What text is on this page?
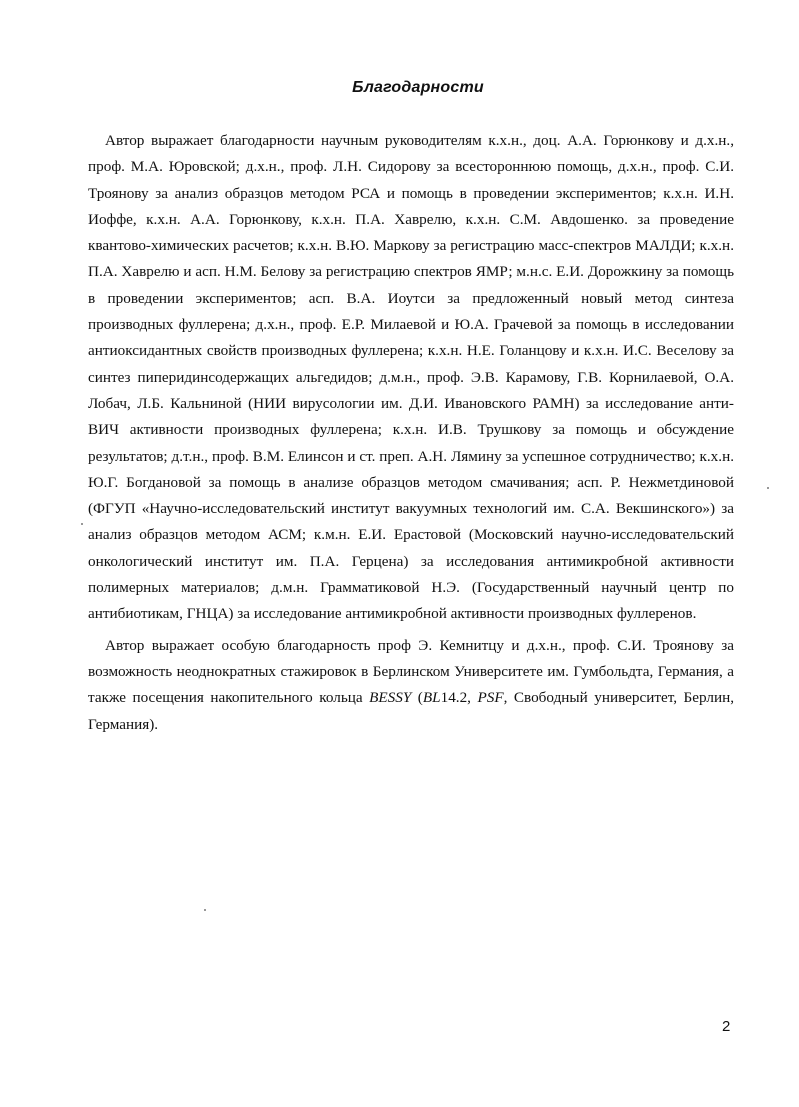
Благодарности

Автор выражает благодарности научным руководителям к.х.н., доц. А.А. Горюнкову и д.х.н., проф. М.А. Юровской; д.х.н., проф. Л.Н. Сидорову за всестороннюю помощь, д.х.н., проф. С.И. Троянову за анализ образцов методом РСА и помощь в проведении экспериментов; к.х.н. И.Н. Иоффе, к.х.н. А.А. Горюнкову, к.х.н. П.А. Хаврелю, к.х.н. С.М. Авдошенко. за проведение квантово-химических расчетов; к.х.н. В.Ю. Маркову за регистрацию масс-спектров МАЛДИ; к.х.н. П.А. Хаврелю и асп. Н.М. Белову за регистрацию спектров ЯМР; м.н.с. Е.И. Дорожкину за помощь в проведении экспериментов; асп. В.А. Иоутси за предложенный новый метод синтеза производных фуллерена; д.х.н., проф. Е.Р. Милаевой и Ю.А. Грачевой за помощь в исследовании антиоксидантных свойств производных фуллерена; к.х.н. Н.Е. Голанцову и к.х.н. И.С. Веселову за синтез пиперидинсодержащих альгедидов; д.м.н., проф. Э.В. Карамову, Г.В. Корнилаевой, О.А. Лобач, Л.Б. Кальниной (НИИ вирусологии им. Д.И. Ивановского РАМН) за исследование анти-ВИЧ активности производных фуллерена; к.х.н. И.В. Трушкову за помощь и обсуждение результатов; д.т.н., проф. В.М. Елинсон и ст. преп. А.Н. Лямину за успешное сотрудничество; к.х.н. Ю.Г. Богдановой за помощь в анализе образцов методом смачивания; асп. Р. Нежметдиновой (ФГУП «Научно-исследовательский институт вакуумных технологий им. С.А. Векшинского») за анализ образцов методом АСМ; к.м.н. Е.И. Ерастовой (Московский научно-исследовательский онкологический институт им. П.А. Герцена) за исследования антимикробной активности полимерных материалов; д.м.н. Грамматиковой Н.Э. (Государственный научный центр по антибиотикам, ГНЦА) за исследование антимикробной активности производных фуллеренов.

Автор выражает особую благодарность проф Э. Кемнитцу и д.х.н., проф. С.И. Троянову за возможность неоднократных стажировок в Берлинском Университете им. Гумбольдта, Германия, а также посещения накопительного кольца BESSY (BL14.2, PSF, Свободный университет, Берлин, Германия).

2
